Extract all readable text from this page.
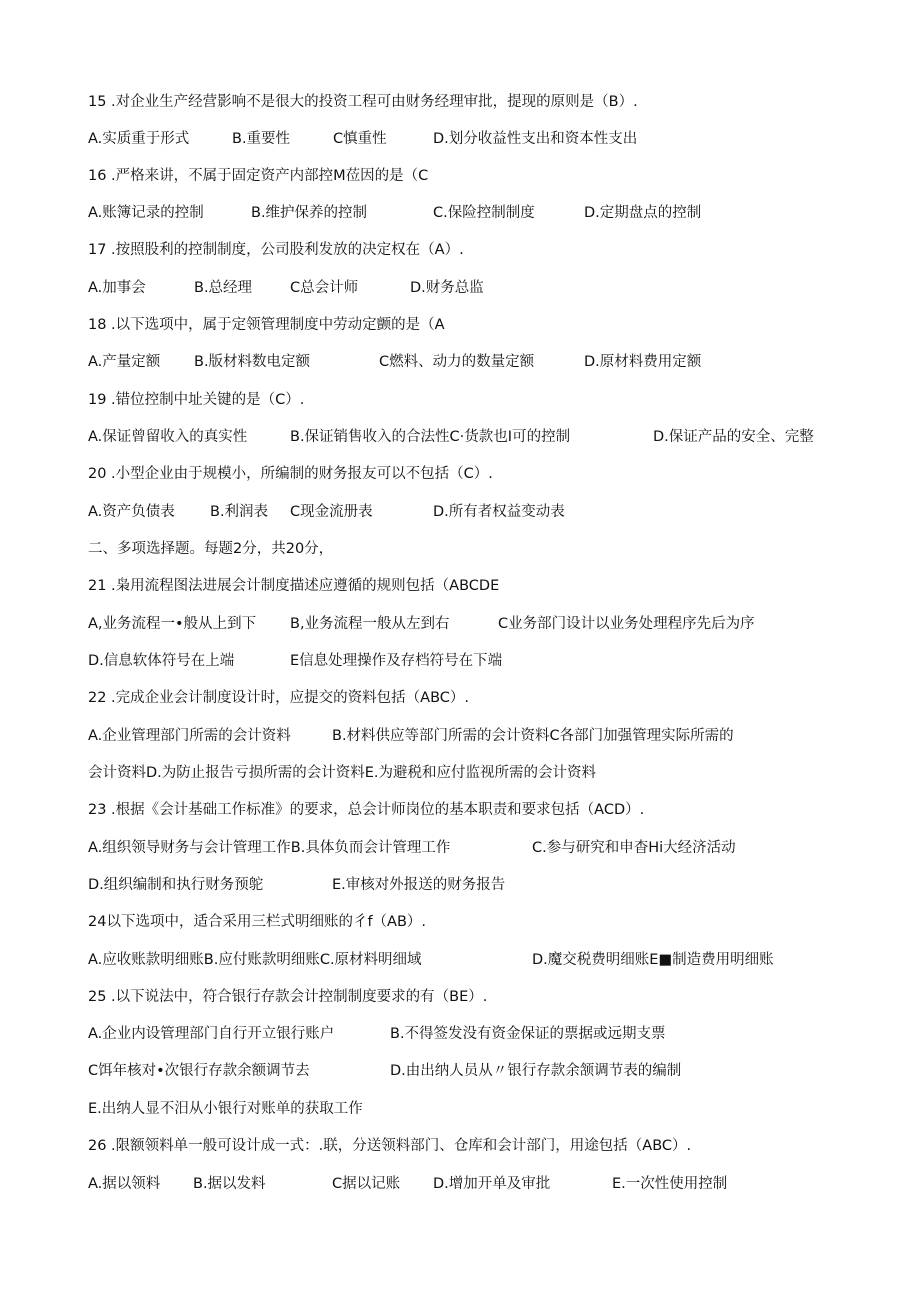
15 .对企业生产经营影响不是很大的投资工程可由财务经理审批，提现的原则是（B）.
A.实质重于形式	B.重要性	C慎重性	D.划分收益性支出和资本性支出
16 .严格来讲，不属于固定资产内部控M莅因的是（C
A.账簿记录的控制	B.维护保养的控制	C.保险控制制度	D.定期盘点的控制
17 .按照股利的控制制度，公司股利发放的决定权在（A）.
A.加事会	B.总经理	C总会计师	D.财务总监
18 .以下选项中，属于定领管理制度中劳动定颤的是（A
A.产量定额 B.版材料数电定额	C燃料、动力的数量定额	D.原材料费用定额
19 .错位控制中址关键的是（C）.
A.保证曾留收入的真实性	B.保证销售收入的合法性C·货款也I可的控制	D.保证产品的安全、完整
20 .小型企业由于规模小，所编制的财务报友可以不包括（C）.
A.资产负债表 B.利润表 C现金流册表	D.所有者权益变动表
二、多项选择题。每题2分，共20分，
21 .枭用流程图法进展会计制度描述应遵循的规则包括（ABCDE
A,业务流程一•般从上到下 B,业务流程一般从左到右	C业务部门设计以业务处理程序先后为序
D.信息软体符号在上端	E信息处理操作及存档符号在下端
22 .完成企业会计制度设计时，应提交的资料包括（ABC）.
A.企业管理部门所需的会计资料	B.材料供应等部门所需的会计资料C各部门加强管理实际所需的
会计资料D.为防止报告亏损所需的会计资料E.为避税和应付监视所需的会计资料
23 .根据《会计基础工作标准》的要求，总会计师岗位的基本职责和要求包括（ACD）.
A.组织领导财务与会计管理工作B.具体负而会计管理工作	C.参与研究和申杳Hi大经济活动
D.组织编制和执行财务预鸵	E.审核对外报送的财务报告
24以下选项中，适合采用三栏式明细账的彳f（AB）.
A.应收账款明细账B.应付账款明细账C.原材料明细域	D.魔交税费明细账E■制造费用明细账
25 .以下说法中，符合银行存款会计控制制度要求的有（BE）.
A.企业内设管理部门自行开立银行账户	B.不得签发没有资金保证的票据或远期支票
C饵年核对•次银行存款余额调节去	D.由出纳人员从〃银行存款余颔调节表的编制
E.出纳人显不汨从小银行对账单的获取工作
26 .限额领料单一般可设计成一式：.联，分送领料部门、仓库和会计部门，用途包括（ABC）.
A.据以领料 B.据以发料	C据以记账 D.增加开单及审批	E.一次性使用控制
